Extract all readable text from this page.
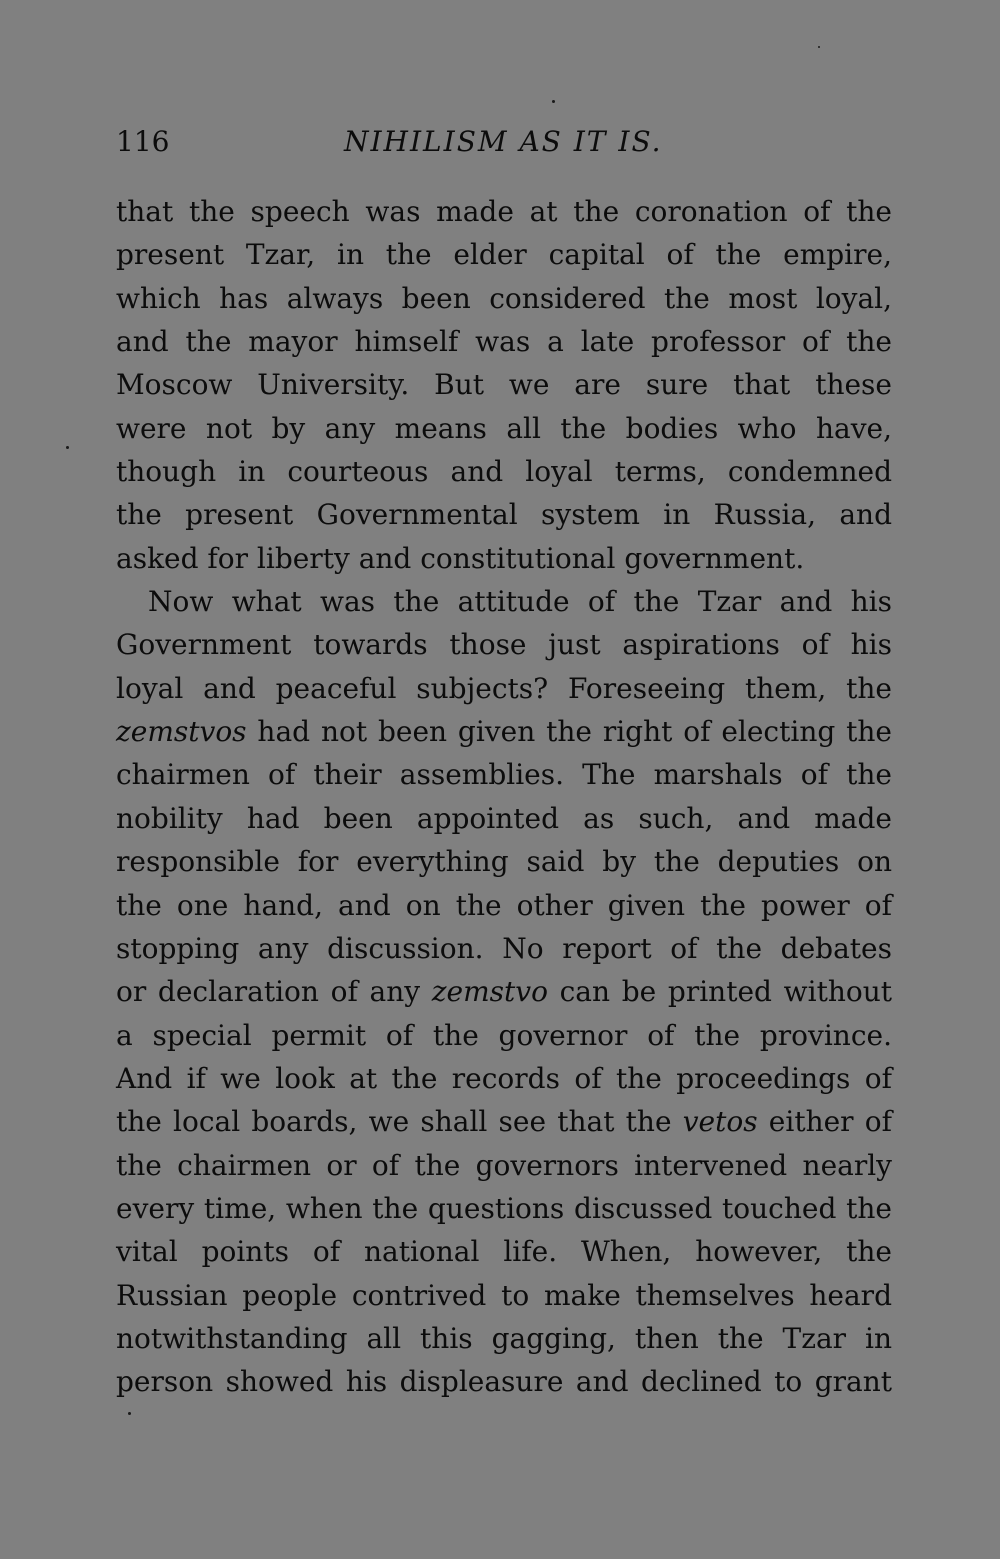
116	NIHILISM AS IT IS.
that the speech was made at the coronation of the
present Tzar, in the elder capital of the empire,
which has always been considered the most loyal,
and the mayor himself was a late professor of the
Moscow University. But we are sure that these
were not by any means all the bodies who have,
though in courteous and loyal terms, condemned
the present Governmental system in Russia, and
asked for liberty and constitutional government.
Now what was the attitude of the Tzar and his
Government towards those just aspirations of his
loyal and peaceful subjects? Foreseeing them, the
zemstvos had not been given the right of electing the
chairmen of their assemblies. The marshals of the
nobility had been appointed as such, and made
responsible for everything said by the deputies on
the one hand, and on the other given the power of
stopping any discussion. No report of the debates
or declaration of any zemstvo can be printed without
a special permit of the governor of the province.
And if we look at the records of the proceedings of
the local boards, we shall see that the vetos either of
the chairmen or of the governors intervened nearly
every time, when the questions discussed touched the
vital points of national life. When, however, the
Russian people contrived to make themselves heard
notwithstanding all this gagging, then the Tzar in
person showed his displeasure and declined to grant
